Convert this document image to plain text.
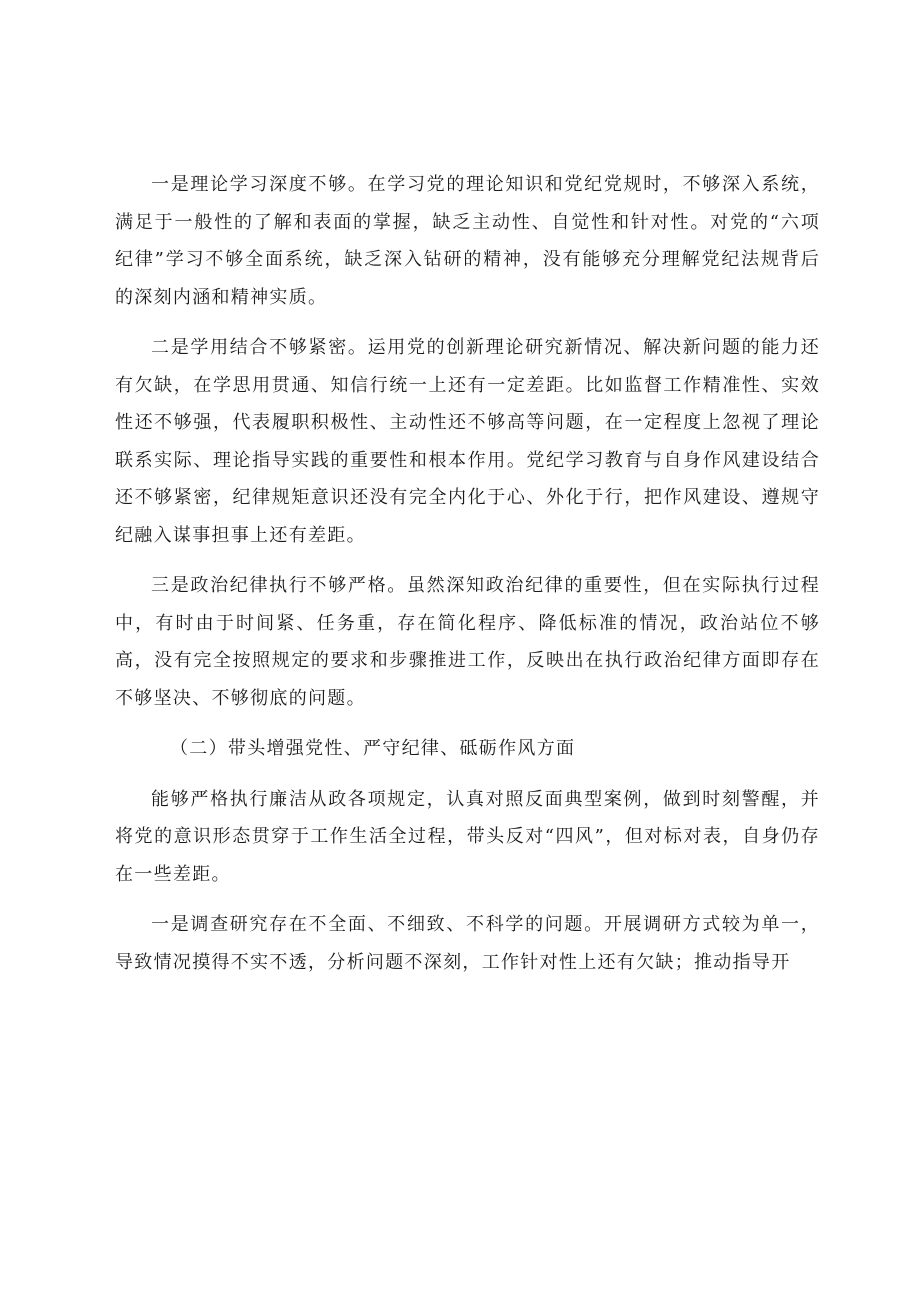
一是理论学习深度不够。在学习党的理论知识和党纪党规时，不够深入系统，满足于一般性的了解和表面的掌握，缺乏主动性、自觉性和针对性。对党的“六项纪律”学习不够全面系统，缺乏深入钻研的精神，没有能够充分理解党纪法规背后的深刻内涵和精神实质。

二是学用结合不够紧密。运用党的创新理论研究新情况、解决新问题的能力还有欠缺，在学思用贯通、知信行统一上还有一定差距。比如监督工作精准性、实效性还不够强，代表履职积极性、主动性还不够高等问题，在一定程度上忽视了理论联系实际、理论指导实践的重要性和根本作用。党纪学习教育与自身作风建设结合还不够紧密，纪律规矩意识还没有完全内化于心、外化于行，把作风建设、遵规守纪融入谋事担事上还有差距。

三是政治纪律执行不够严格。虽然深知政治纪律的重要性，但在实际执行过程中，有时由于时间紧、任务重，存在简化程序、降低标准的情况，政治站位不够高，没有完全按照规定的要求和步骤推进工作，反映出在执行政治纪律方面即存在不够坚决、不够彻底的问题。

（二）带头增强党性、严守纪律、砥砺作风方面

能够严格执行廉洁从政各项规定，认真对照反面典型案例，做到时刻警醒，并将党的意识形态贯穿于工作生活全过程，带头反对“四风”，但对标对表，自身仍存在一些差距。

一是调查研究存在不全面、不细致、不科学的问题。开展调研方式较为单一，导致情况摸得不实不透，分析问题不深刻，工作针对性上还有欠缺；推动指导开
